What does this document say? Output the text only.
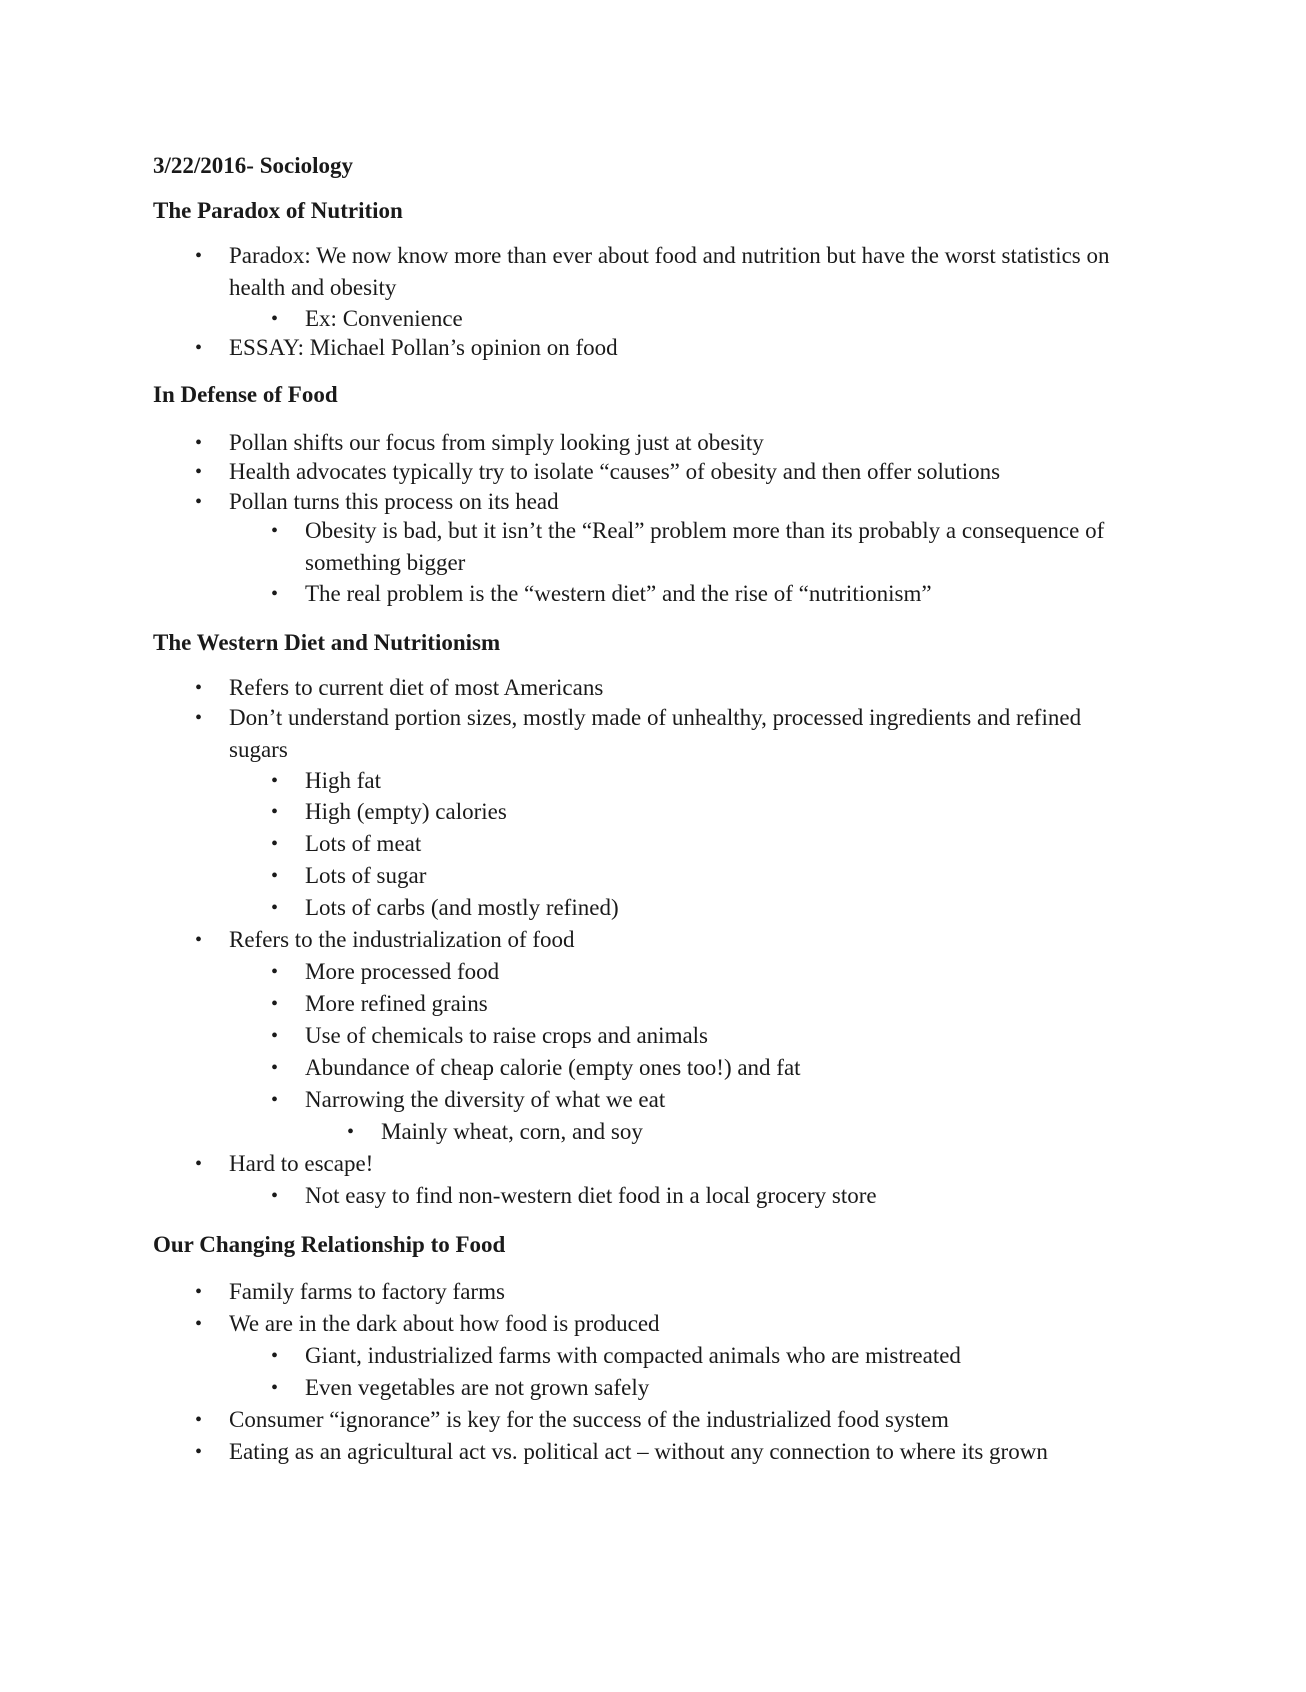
3/22/2016- Sociology
The Paradox of Nutrition

• Paradox: We now know more than ever about food and nutrition but have the worst statistics on health and obesity

• Ex: Convenience

• ESSAY: Michael Pollan’s opinion on food

In Defense of Food

• Pollan shifts our focus from simply looking just at obesity

• Health advocates typically try to isolate “causes” of obesity and then offer solutions

• Pollan turns this process on its head

• Obesity is bad, but it isn’t the “Real” problem more than its probably a consequence of something bigger

• The real problem is the “western diet” and the rise of “nutritionism”

The Western Diet and Nutritionism

• Refers to current diet of most Americans

• Don’t understand portion sizes, mostly made of unhealthy, processed ingredients and refined sugars

• High fat

• High (empty) calories

• Lots of meat

• Lots of sugar

• Lots of carbs (and mostly refined)

• Refers to the industrialization of food

• More processed food

• More refined grains

• Use of chemicals to raise crops and animals

• Abundance of cheap calorie (empty ones too!) and fat

• Narrowing the diversity of what we eat

• Mainly wheat, corn, and soy

• Hard to escape!

• Not easy to find non-western diet food in a local grocery store

Our Changing Relationship to Food

• Family farms to factory farms

• We are in the dark about how food is produced

• Giant, industrialized farms with compacted animals who are mistreated

• Even vegetables are not grown safely

• Consumer “ignorance” is key for the success of the industrialized food system

• Eating as an agricultural act vs. political act – without any connection to where its grown
